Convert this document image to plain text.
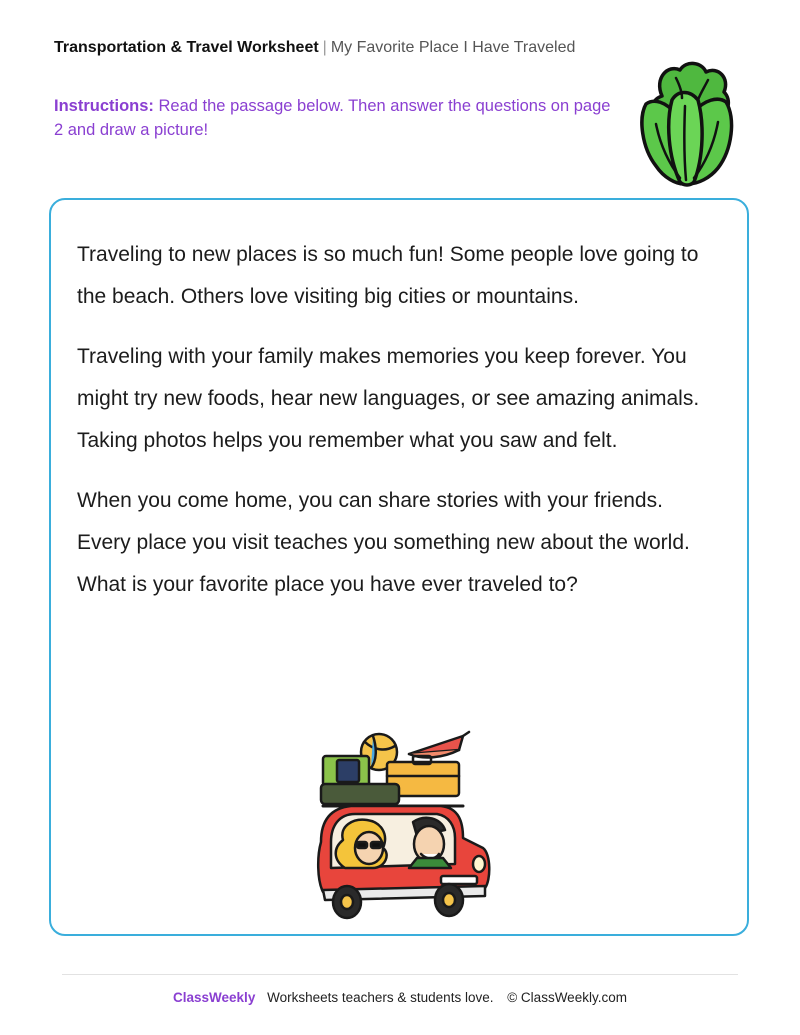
Transportation & Travel Worksheet | My Favorite Place I Have Traveled
Instructions: Read the passage below. Then answer the questions on page 2 and draw a picture!

Traveling to new places is so much fun! Some people love going to the beach. Others love visiting big cities or mountains.

Traveling with your family makes memories you keep forever. You might try new foods, hear new languages, or see amazing animals. Taking photos helps you remember what you saw and felt.

When you come home, you can share stories with your friends. Every place you visit teaches you something new about the world. What is your favorite place you have ever traveled to?

ClassWeekly Worksheets teachers & students love. © ClassWeekly.com
